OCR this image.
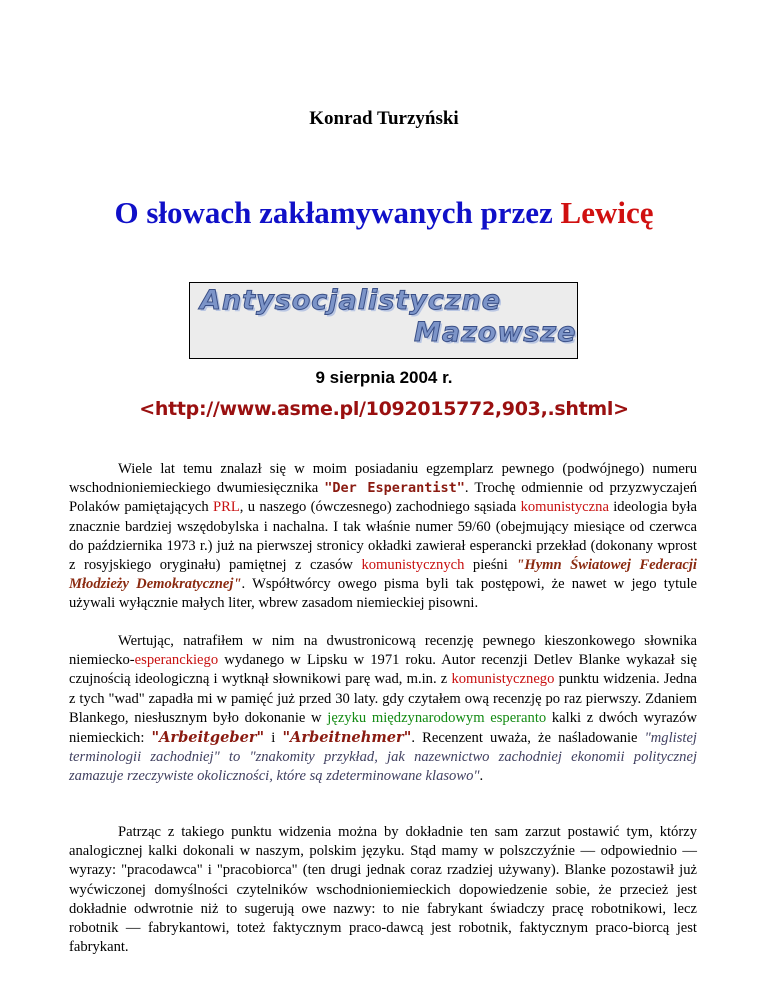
Konrad Turzyński
O słowach zakłamywanych przez Lewicę
Antysocjalistyczne
Mazowsze
9 sierpnia 2004 r.
<http://www.asme.pl/1092015772,903,.shtml>

Wiele lat temu znalazł się w moim posiadaniu egzemplarz pewnego (podwójnego) numeru wschodnioniemieckiego dwumiesięcznika "Der Esperantist". Trochę odmiennie od przyzwyczajeń Polaków pamiętających PRL, u naszego (ówczesnego) zachodniego sąsiada komunistyczna ideologia była znacznie bardziej wszędobylska i nachalna. I tak właśnie numer 59/60 (obejmujący miesiące od czerwca do października 1973 r.) już na pierwszej stronicy okładki zawierał esperancki przekład (dokonany wprost z rosyjskiego oryginału) pamiętnej z czasów komunistycznych pieśni "Hymn Światowej Federacji Młodzieży Demokratycznej". Współtwórcy owego pisma byli tak postępowi, że nawet w jego tytule używali wyłącznie małych liter, wbrew zasadom niemieckiej pisowni.

Wertując, natrafiłem w nim na dwustronicową recenzję pewnego kieszonkowego słownika niemiecko-esperanckiego wydanego w Lipsku w 1971 roku. Autor recenzji Detlev Blanke wykazał się czujnością ideologiczną i wytknął słownikowi parę wad, m.in. z komunistycznego punktu widzenia. Jedna z tych "wad" zapadła mi w pamięć już przed 30 laty. gdy czytałem ową recenzję po raz pierwszy. Zdaniem Blankego, niesłusznym było dokonanie w języku międzynarodowym esperanto kalki z dwóch wyrazów niemieckich: "Arbeitgeber" i "Arbeitnehmer". Recenzent uważa, że naśladowanie "mglistej terminologii zachodniej" to "znakomity przykład, jak nazewnictwo zachodniej ekonomii politycznej zamazuje rzeczywiste okoliczności, które są zdeterminowane klasowo".

Patrząc z takiego punktu widzenia można by dokładnie ten sam zarzut postawić tym, którzy analogicznej kalki dokonali w naszym, polskim języku. Stąd mamy w polszczyźnie — odpowiednio — wyrazy: "pracodawca" i "pracobiorca" (ten drugi jednak coraz rzadziej używany). Blanke pozostawił już wyćwiczonej domyślności czytelników wschodnioniemieckich dopowiedzenie sobie, że przecież jest dokładnie odwrotnie niż to sugerują owe nazwy: to nie fabrykant świadczy pracę robotnikowi, lecz robotnik — fabrykantowi, toteż faktycznym praco-dawcą jest robotnik, faktycznym praco-biorcą jest fabrykant.
